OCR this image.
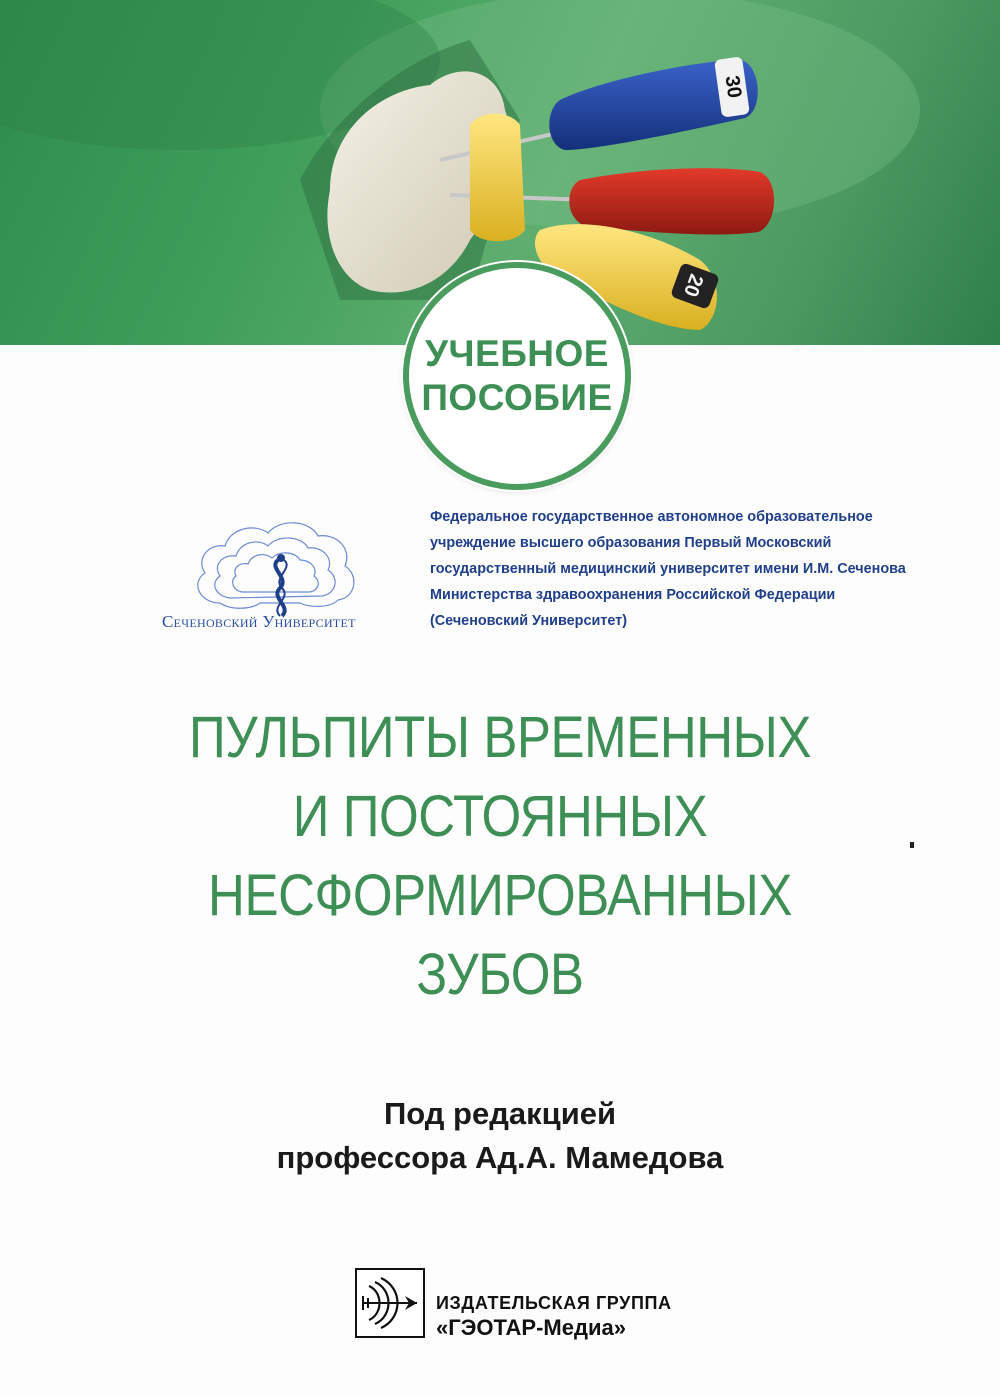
30
20
УЧЕБНОЕ
ПОСОБИЕ
Сеченовский Университет
Федеральное государственное автономное образовательное
учреждение высшего образования Первый Московский
государственный медицинский университет имени И.М. Сеченова
Министерства здравоохранения Российской Федерации
(Сеченовский Университет)
ПУЛЬПИТЫ ВРЕМЕННЫХ
И ПОСТОЯННЫХ
НЕСФОРМИРОВАННЫХ
ЗУБОВ
Под редакцией
профессора Ад.А. Мамедова
ИЗДАТЕЛЬСКАЯ ГРУППА
«ГЭОТАР-Медиа»
